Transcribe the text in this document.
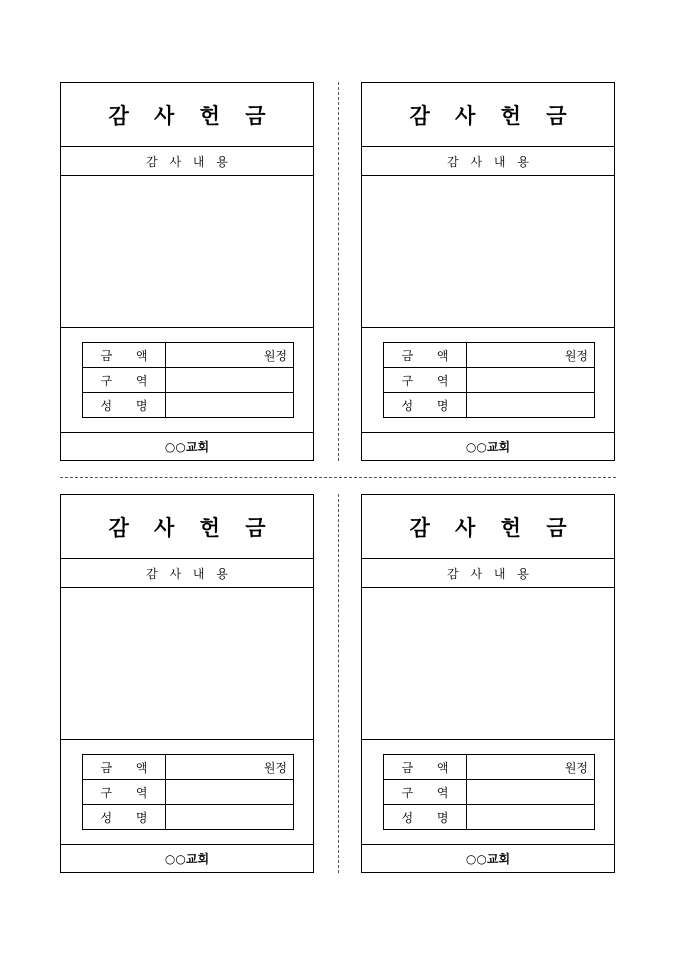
감 사 헌 금
감 사 내 용
금 액	원정
구 역	
성 명	
○○교회
감 사 헌 금
감 사 내 용
금 액	원정
구 역	
성 명	
○○교회
감 사 헌 금
감 사 내 용
금 액	원정
구 역	
성 명	
○○교회
감 사 헌 금
감 사 내 용
금 액	원정
구 역	
성 명	
○○교회
